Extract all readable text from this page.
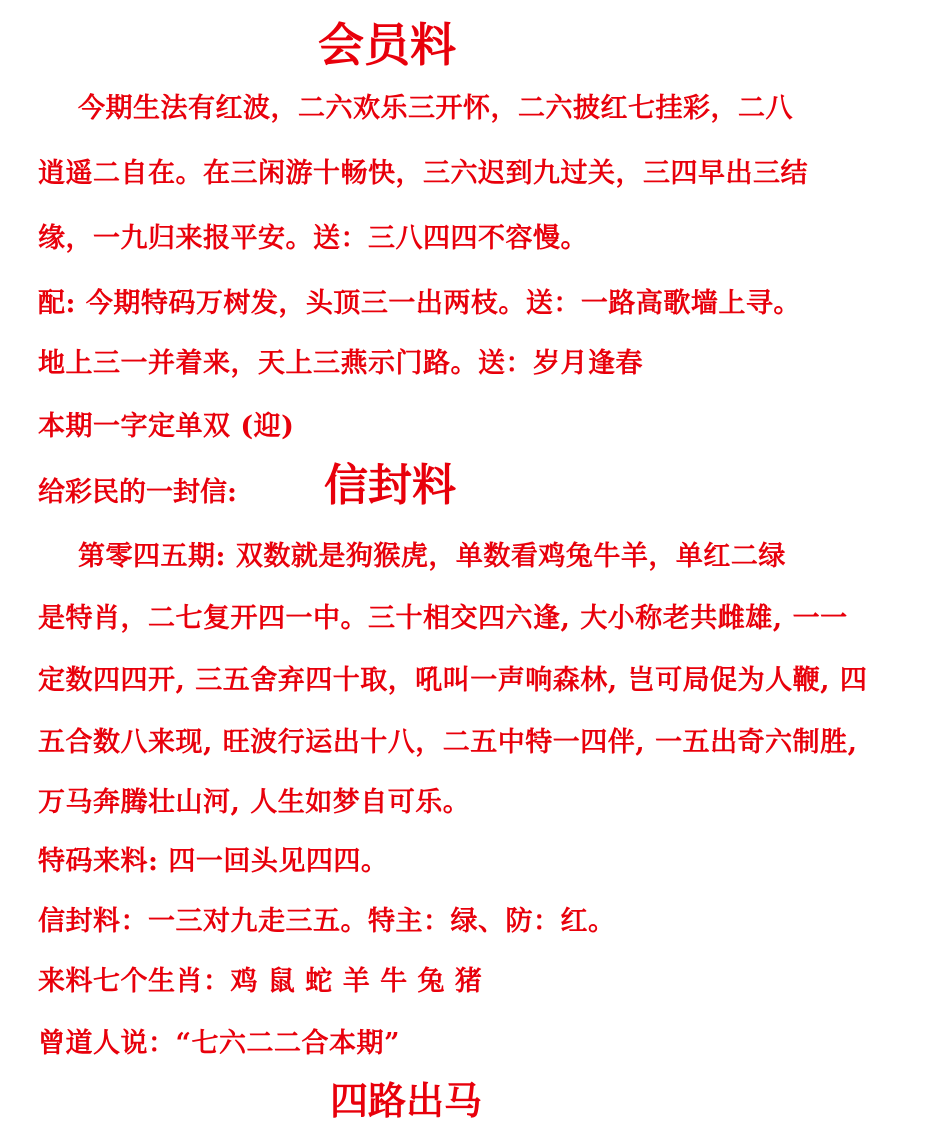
会员料
今期生法有红波，二六欢乐三开怀，二六披红七挂彩，二八
逍遥二自在。在三闲游十畅快，三六迟到九过关，三四早出三结
缘，一九归来报平安。送：三八四四不容慢。
配: 今期特码万树发，头顶三一出两枝。送：一路高歌墙上寻。
地上三一并着来，天上三燕示门路。送：岁月逢春
本期一字定单双 (迎)
给彩民的一封信: 信封料
第零四五期: 双数就是狗猴虎，单数看鸡兔牛羊，单红二绿
是特肖，二七复开四一中。三十相交四六逢, 大小称老共雌雄, 一一
定数四四开, 三五舍弃四十取，吼叫一声响森林, 岂可局促为人鞭, 四
五合数八来现, 旺波行运出十八，二五中特一四伴, 一五出奇六制胜,
万马奔腾壮山河, 人生如梦自可乐。
特码来料: 四一回头见四四。
信封料：一三对九走三五。特主：绿、防：红。
来料七个生肖：鸡 鼠 蛇 羊 牛 兔 猪
曾道人说：“七六二二合本期”
四路出马
